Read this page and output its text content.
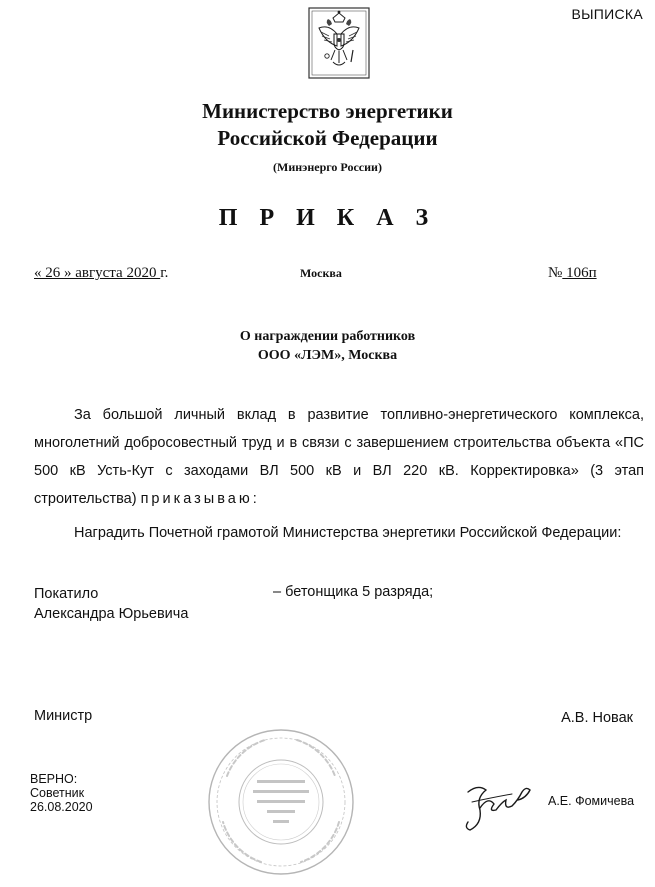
ВЫПИСКА
Министерство энергетики
Российской Федерации
(Минэнерго России)
П Р И К А З
« 26 » августа 2020 г.	Москва	№ 106п
О награждении работников
ООО «ЛЭМ», Москва
За большой личный вклад в развитие топливно-энергетического комплекса, многолетний добросовестный труд и в связи с завершением строительства объекта «ПС 500 кВ Усть-Кут с заходами ВЛ 500 кВ и ВЛ 220 кВ. Корректировка» (3 этап строительства) приказываю:
Наградить Почетной грамотой Министерства энергетики Российской Федерации:
Покатило
Александра Юрьевича
– бетонщика 5 разряда;
Министр	А.В. Новак
ВЕРНО:
Советник
26.08.2020	А.Е. Фомичева
